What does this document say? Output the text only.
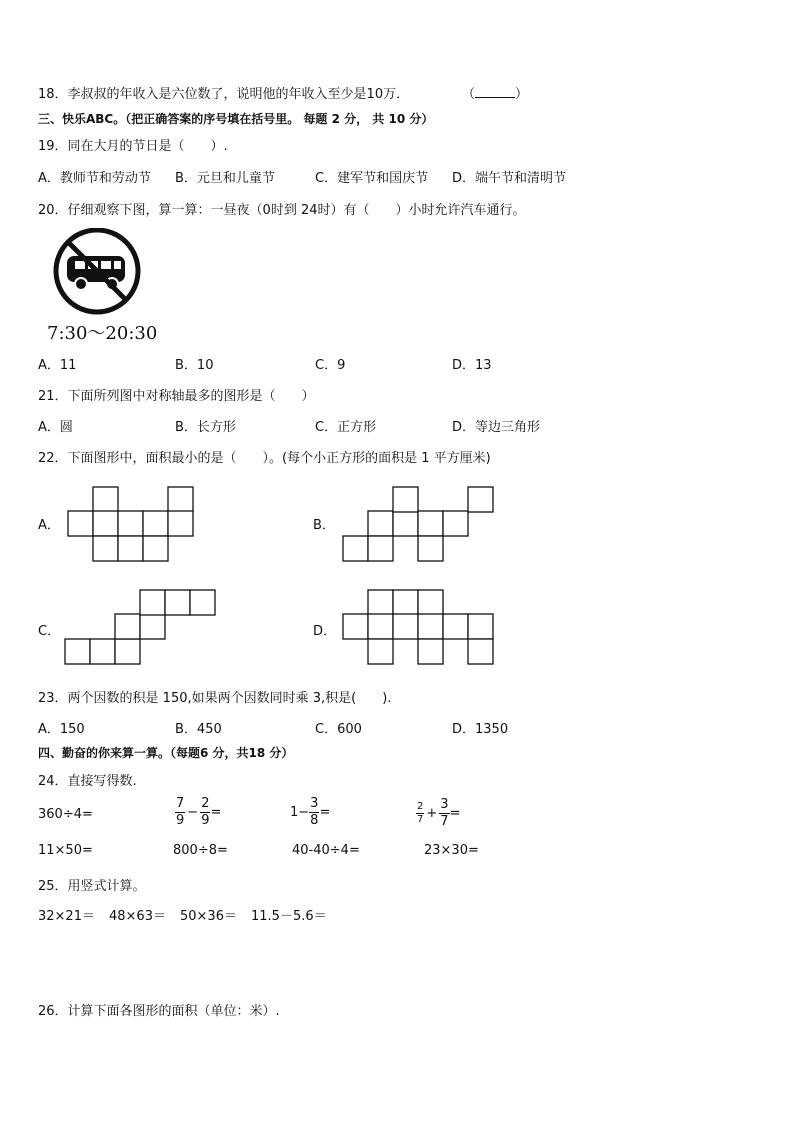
18．李叔叔的年收入是六位数了，说明他的年收入至少是10万．	（	）
三、快乐ABC。（把正确答案的序号填在括号里。 每题 2 分， 共 10 分）
19．同在大月的节日是（　　）.
A．教师节和劳动节 B．元旦和儿童节	C．建军节和国庆节 D．端午节和清明节
20．仔细观察下图，算一算：一昼夜（0时到 24时）有（　　）小时允许汽车通行。
7:30～20:30
A．11	B．10	C．9	D．13
21．下面所列图中对称轴最多的图形是（　　）
A．圆	B．长方形	C．正方形	D．等边三角形
22．下面图形中，面积最小的是（　　）。(每个小正方形的面积是 1 平方厘米)
A．	B．
C．	D．
23．两个因数的积是 150,如果两个因数同时乘 3,积是(　　).
A．150	B．450	C．600	D．1350
四、勤奋的你来算一算。（每题6 分，共18 分）
24．直接写得数.
360÷4=	$\frac{7}{9} - \frac{2}{9}$ =	$1- \frac{3}{8}$ =	$\frac{2}{7} + \frac{3}{7}$ =
11×50=	800÷8=	40-40÷4=	23×30=
25．用竖式计算。
32×21＝ 48×63＝ 50×36＝ 11.5－5.6＝
26．计算下面各图形的面积（单位：米）.
